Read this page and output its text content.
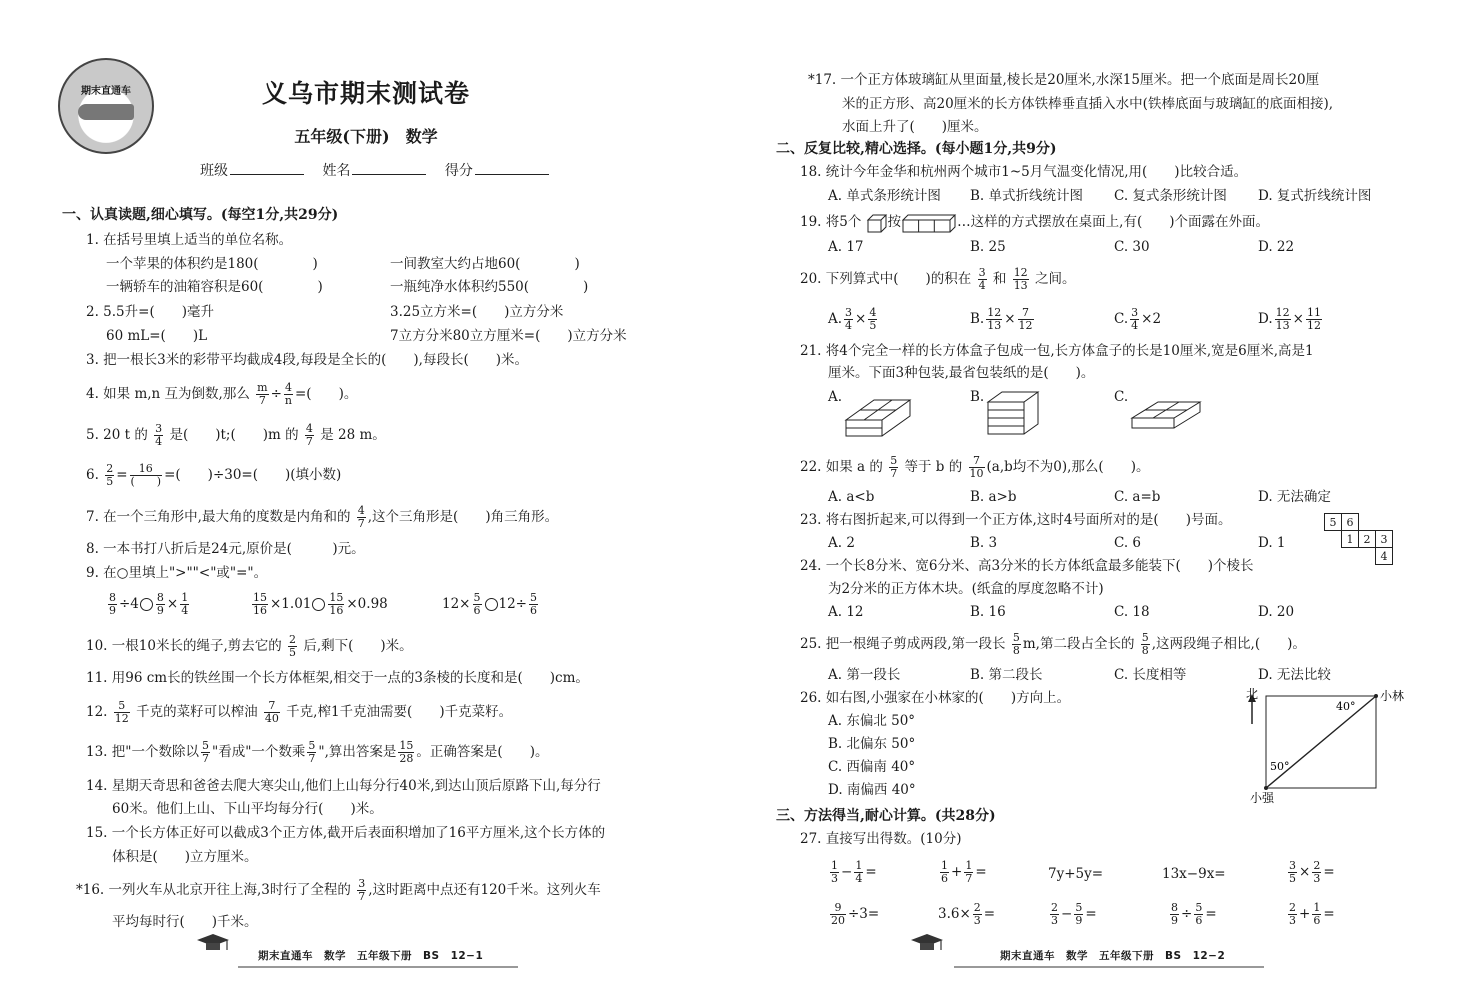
期末直通车	义乌市期末测试卷
五年级(下册)　数学
班级	姓名	得分
一、认真读题,细心填写。(每空1分,共29分)
1. 在括号里填上适当的单位名称。
一个苹果的体积约是180(　　　　)	一间教室大约占地60(　　　　)
一辆轿车的油箱容积是60(　　　　)	一瓶纯净水体积约550(　　　　)
2. 5.5升=(　　)毫升	3.25立方米=(　　)立方分米
60 mL=(　　)L	7立方分米80立方厘米=(　　)立方分米
3. 把一根长3米的彩带平均截成4段,每段是全长的(　　),每段长(　　)米。
4. 如果 m,n 互为倒数,那么 $\frac{m}{7} \div \frac{4}{n}$ =(　　)。
5. 20 t 的 $\frac{3}{4}$ 是(　　)t;(　　)m 的 $\frac{4}{7}$ 是 28 m。
6. $\frac{2}{5} = \frac{16}{( )}$ =(　　)÷30=(　　)(填小数)
7. 在一个三角形中,最大角的度数是内角和的 $\frac{4}{7}$ ,这个三角形是(　　)角三角形。
8. 一本书打八折后是24元,原价是(　　　)元。
9. 在○里填上">""<"或"="。
$\frac{8}{9} \div 4 \frac{8}{9} \times \frac{1}{4}$	$\frac{15}{16} \times 1.01 \frac{15}{16} \times 0.98$	$12\times \frac{5}{6} 12\div \frac{5}{6}$
10. 一根10米长的绳子,剪去它的 $\frac{2}{5}$ 后,剩下(　　)米。
11. 用96 cm长的铁丝围一个长方体框架,相交于一点的3条棱的长度和是(　　)cm。
12. $\frac{5}{12}$ 千克的菜籽可以榨油 $\frac{7}{40}$ 千克,榨1千克油需要(　　)千克菜籽。
13. 把"一个数除以 $\frac{5}{7}$ "看成"一个数乘 $\frac{5}{7}$ ",算出答案是 $\frac{15}{28}$ 。正确答案是(　　)。
14. 星期天奇思和爸爸去爬大寒尖山,他们上山每分行40米,到达山顶后原路下山,每分行
60米。他们上山、下山平均每分行(　　)米。
15. 一个长方体正好可以截成3个正方体,截开后表面积增加了16平方厘米,这个长方体的
体积是(　　)立方厘米。
*16. 一列火车从北京开往上海,3时行了全程的 $\frac{3}{7}$ ,这时距离中点还有120千米。这列火车
平均每时行(　　)千米。
期末直通车　数学　五年级下册　BS　12−1
*17. 一个正方体玻璃缸从里面量,棱长是20厘米,水深15厘米。把一个底面是周长20厘
米的正方形、高20厘米的长方体铁棒垂直插入水中(铁棒底面与玻璃缸的底面相接),
水面上升了(　　)厘米。
二、反复比较,精心选择。(每小题1分,共9分)
18. 统计今年金华和杭州两个城市1~5月气温变化情况,用(　　)比较合适。
A. 单式条形统计图 B. 单式折线统计图 C. 复式条形统计图 D. 复式折线统计图
19. 将5个 按	…这样的方式摆放在桌面上,有(　　)个面露在外面。
A. 17	B. 25	C. 30	D. 22
20. 下列算式中(　　)的积在 $\frac{3}{4}$ 和 $\frac{12}{13}$ 之间。
A. $\frac{3}{4} \times \frac{4}{5}$	B. $\frac{12}{13} \times \frac{7}{12}$	C. $\frac{3}{4} \times 2$	D. $\frac{12}{13} \times \frac{11}{12}$
21. 将4个完全一样的长方体盒子包成一包,长方体盒子的长是10厘米,宽是6厘米,高是1
厘米。下面3种包装,最省包装纸的是(　　)。
A.	B.	C.
22. 如果 a 的 $\frac{5}{7}$ 等于 b 的 $\frac{7}{10} (a,b$均不为0),那么(　　)。
A. a<b	B. a>b	C. a=b	D. 无法确定
23. 将右图折起来,可以得到一个正方体,这时4号面所对的是(　　)号面。
A. 2	B. 3	C. 6	D. 1
5	6		
	1	2	3
			4
24. 一个长8分米、宽6分米、高3分米的长方体纸盒最多能装下(　　)个棱长
为2分米的正方体木块。(纸盒的厚度忽略不计)
A. 12	B. 16	C. 18	D. 20
25. 把一根绳子剪成两段,第一段长 $\frac{5}{8} m$,第二段占全长的 $\frac{5}{8}$ ,这两段绳子相比,(　　)。
A. 第一段长	B. 第二段长	C. 长度相等	D. 无法比较
26. 如右图,小强家在小林家的(　　)方向上。
A. 东偏北 50°
B. 北偏东 50°
C. 西偏南 40°
D. 南偏西 40°
北	小林
小强
40°
50°
三、方法得当,耐心计算。(共28分)
27. 直接写出得数。(10分)
$\frac{1}{3} - \frac{1}{4}$ =	$\frac{1}{6} + \frac{1}{7}$ =	7y+5y=	13x−9x=	$\frac{3}{5} \times \frac{2}{3}$ =
$\frac{9}{20} \div 3=$	$3.6\times \frac{2}{3}$ =	$\frac{2}{3} - \frac{5}{9}$ =	$\frac{8}{9} \div \frac{5}{6}$ =	$\frac{2}{3} + \frac{1}{6}$ =
期末直通车　数学　五年级下册　BS　12−2
